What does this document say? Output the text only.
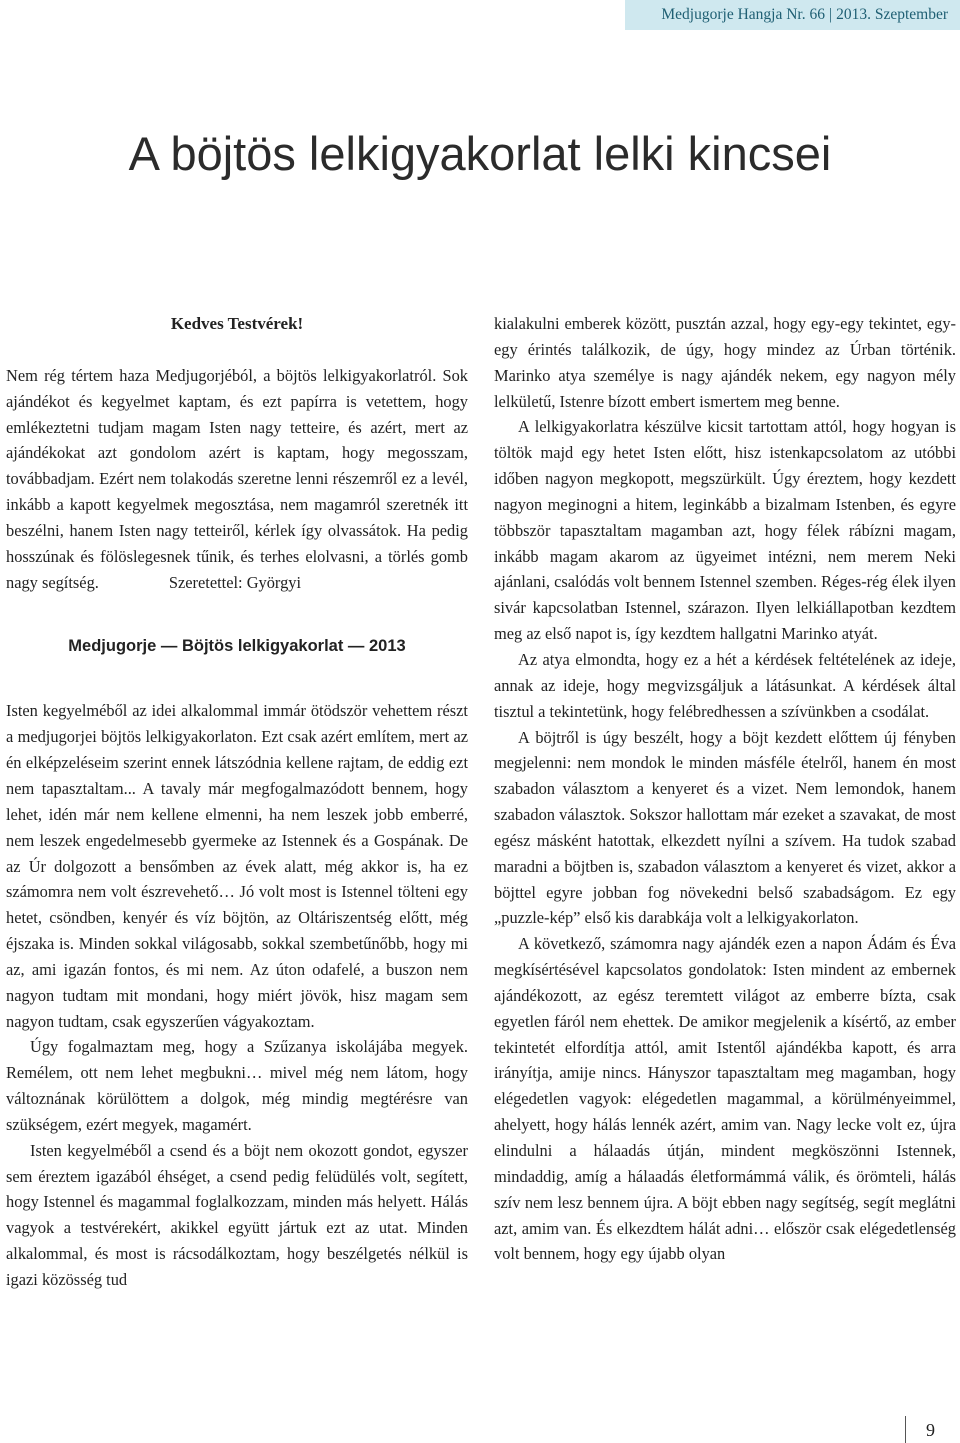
Medjugorje Hangja Nr. 66 | 2013. Szeptember
A böjtös lelkigyakorlat lelki kincsei

Kedves Testvérek!

Nem rég tértem haza Medjugorjéból, a böjtös lelkigyakorlatról. Sok ajándékot és kegyelmet kaptam, és ezt papírra is vetettem, hogy emlékeztetni tudjam magam Isten nagy tetteire, és azért, mert az ajándékokat azt gondolom azért is kaptam, hogy megosszam, továbbadjam. Ezért nem tolakodás szeretne lenni részemről ez a levél, inkább a kapott kegyelmek megosztása, nem magamról szeretnék itt beszélni, hanem Isten nagy tetteiről, kérlek így olvassátok. Ha pedig hosszúnak és fölöslegesnek tűnik, és terhes elolvasni, a törlés gomb nagy segítség.	Szeretettel: Györgyi

Medjugorje — Böjtös lelkigyakorlat — 2013

Isten kegyelméből az idei alkalommal immár ötödször vehettem részt a medjugorjei böjtös lelkigyakorlaton. Ezt csak azért említem, mert az én elképzeléseim szerint ennek látszódnia kellene rajtam, de eddig ezt nem tapasztaltam... A tavaly már megfogalmazódott bennem, hogy lehet, idén már nem kellene elmenni, ha nem leszek jobb emberré, nem leszek engedelmesebb gyermeke az Istennek és a Gospának. De az Úr dolgozott a bensőmben az évek alatt, még akkor is, ha ez számomra nem volt észrevehető… Jó volt most is Istennel tölteni egy hetet, csöndben, kenyér és víz böjtön, az Oltáriszentség előtt, még éjszaka is. Minden sokkal világosabb, sokkal szembetűnőbb, hogy mi az, ami igazán fontos, és mi nem. Az úton odafelé, a buszon nem nagyon tudtam mit mondani, hogy miért jövök, hisz magam sem nagyon tudtam, csak egyszerűen vágyakoztam.

Úgy fogalmaztam meg, hogy a Szűzanya iskolájába megyek. Remélem, ott nem lehet megbukni… mivel még nem látom, hogy változnának körülöttem a dolgok, még mindig megtérésre van szükségem, ezért megyek, magamért.

Isten kegyelméből a csend és a böjt nem okozott gondot, egyszer sem éreztem igazából éhséget, a csend pedig felüdülés volt, segített, hogy Istennel és magammal foglalkozzam, minden más helyett. Hálás vagyok a testvérekért, akikkel együtt jártuk ezt az utat. Minden alkalommal, és most is rácsodálkoztam, hogy beszélgetés nélkül is igazi közösség tud

kialakulni emberek között, pusztán azzal, hogy egy-egy tekintet, egy-egy érintés találkozik, de úgy, hogy mindez az Úrban történik. Marinko atya személye is nagy ajándék nekem, egy nagyon mély lelkületű, Istenre bízott embert ismertem meg benne.

A lelkigyakorlatra készülve kicsit tartottam attól, hogy hogyan is töltök majd egy hetet Isten előtt, hisz istenkapcsolatom az utóbbi időben nagyon megkopott, megszürkült. Úgy éreztem, hogy kezdett nagyon meginogni a hitem, leginkább a bizalmam Istenben, és egyre többször tapasztaltam magamban azt, hogy félek rábízni magam, inkább magam akarom az ügyeimet intézni, nem merem Neki ajánlani, csalódás volt bennem Istennel szemben. Réges-rég élek ilyen sivár kapcsolatban Istennel, szárazon. Ilyen lelkiállapotban kezdtem meg az első napot is, így kezdtem hallgatni Marinko atyát.

Az atya elmondta, hogy ez a hét a kérdések feltételének az ideje, annak az ideje, hogy megvizsgáljuk a látásunkat. A kérdések által tisztul a tekintetünk, hogy felébredhessen a szívünkben a csodálat.

A böjtről is úgy beszélt, hogy a böjt kezdett előttem új fényben megjelenni: nem mondok le minden másféle ételről, hanem én most szabadon választom a kenyeret és a vizet. Nem lemondok, hanem szabadon választok. Sokszor hallottam már ezeket a szavakat, de most egész másként hatottak, elkezdett nyílni a szívem. Ha tudok szabad maradni a böjtben is, szabadon választom a kenyeret és vizet, akkor a böjttel egyre jobban fog növekedni belső szabadságom. Ez egy „puzzle-kép” első kis darabkája volt a lelkigyakorlaton.

A következő, számomra nagy ajándék ezen a napon Ádám és Éva megkísértésével kapcsolatos gondolatok: Isten mindent az embernek ajándékozott, az egész teremtett világot az emberre bízta, csak egyetlen fáról nem ehettek. De amikor megjelenik a kísértő, az ember tekintetét elfordítja attól, amit Istentől ajándékba kapott, és arra irányítja, amije nincs. Hányszor tapasztaltam meg magamban, hogy elégedetlen vagyok: elégedetlen magammal, a körülményeimmel, ahelyett, hogy hálás lennék azért, amim van. Nagy lecke volt ez, újra elindulni a hálaadás útján, mindent megköszönni Istennek, mindaddig, amíg a hálaadás életformámmá válik, és örömteli, hálás szív nem lesz bennem újra. A böjt ebben nagy segítség, segít meglátni azt, amim van. És elkezdtem hálát adni… először csak elégedetlenség volt bennem, hogy egy újabb olyan

9
